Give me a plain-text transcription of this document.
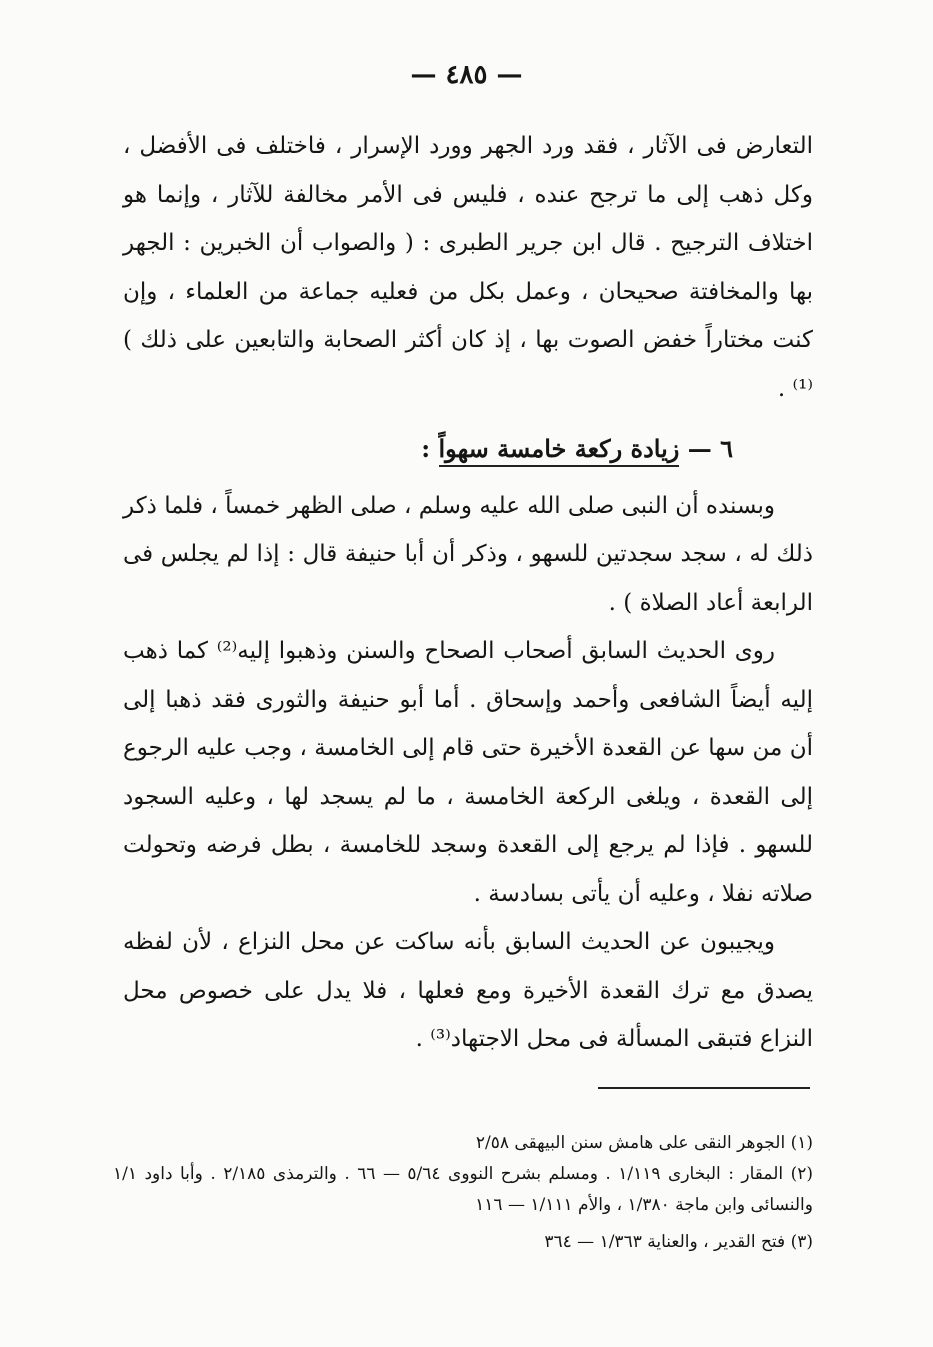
— ٤٨٥ —

التعارض فى الآثار ، فقد ورد الجهر وورد الإسرار ، فاختلف فى الأفضل ، وكل ذهب إلى ما ترجح عنده ، فليس فى الأمر مخالفة للآثار ، وإنما هو اختلاف الترجيح . قال ابن جرير الطبرى : ( والصواب أن الخبرين : الجهر بها والمخافتة صحيحان ، وعمل بكل من فعليه جماعة من العلماء ، وإن كنت مختاراً خفض الصوت بها ، إذ كان أكثر الصحابة والتابعين على ذلك )⁽¹⁾ .

٦ — زيادة ركعة خامسة سهواً :

وبسنده أن النبى صلى الله عليه وسلم ، صلى الظهر خمساً ، فلما ذكر ذلك له ، سجد سجدتين للسهو ، وذكر أن أبا حنيفة قال : إذا لم يجلس فى الرابعة أعاد الصلاة ) .

روى الحديث السابق أصحاب الصحاح والسنن وذهبوا إليه⁽²⁾ كما ذهب إليه أيضاً الشافعى وأحمد وإسحاق . أما أبو حنيفة والثورى فقد ذهبا إلى أن من سها عن القعدة الأخيرة حتى قام إلى الخامسة ، وجب عليه الرجوع إلى القعدة ، ويلغى الركعة الخامسة ، ما لم يسجد لها ، وعليه السجود للسهو . فإذا لم يرجع إلى القعدة وسجد للخامسة ، بطل فرضه وتحولت صلاته نفلا ، وعليه أن يأتى بسادسة .

ويجيبون عن الحديث السابق بأنه ساكت عن محل النزاع ، لأن لفظه يصدق مع ترك القعدة الأخيرة ومع فعلها ، فلا يدل على خصوص محل النزاع فتبقى المسألة فى محل الاجتهاد⁽³⁾ .

(١) الجوهر النقى على هامش سنن البيهقى ٢/٥٨

(٢) المقار : البخارى ١/١١٩ . ومسلم بشرح النووى ٥/٦٤ — ٦٦ . والترمذى ٢/١٨٥ . وأبا داود ١/١ والنسائى وابن ماجة ١/٣٨٠ ، والأم ١/١١١ — ١١٦

(٣) فتح القدير ، والعناية ١/٣٦٣ — ٣٦٤
